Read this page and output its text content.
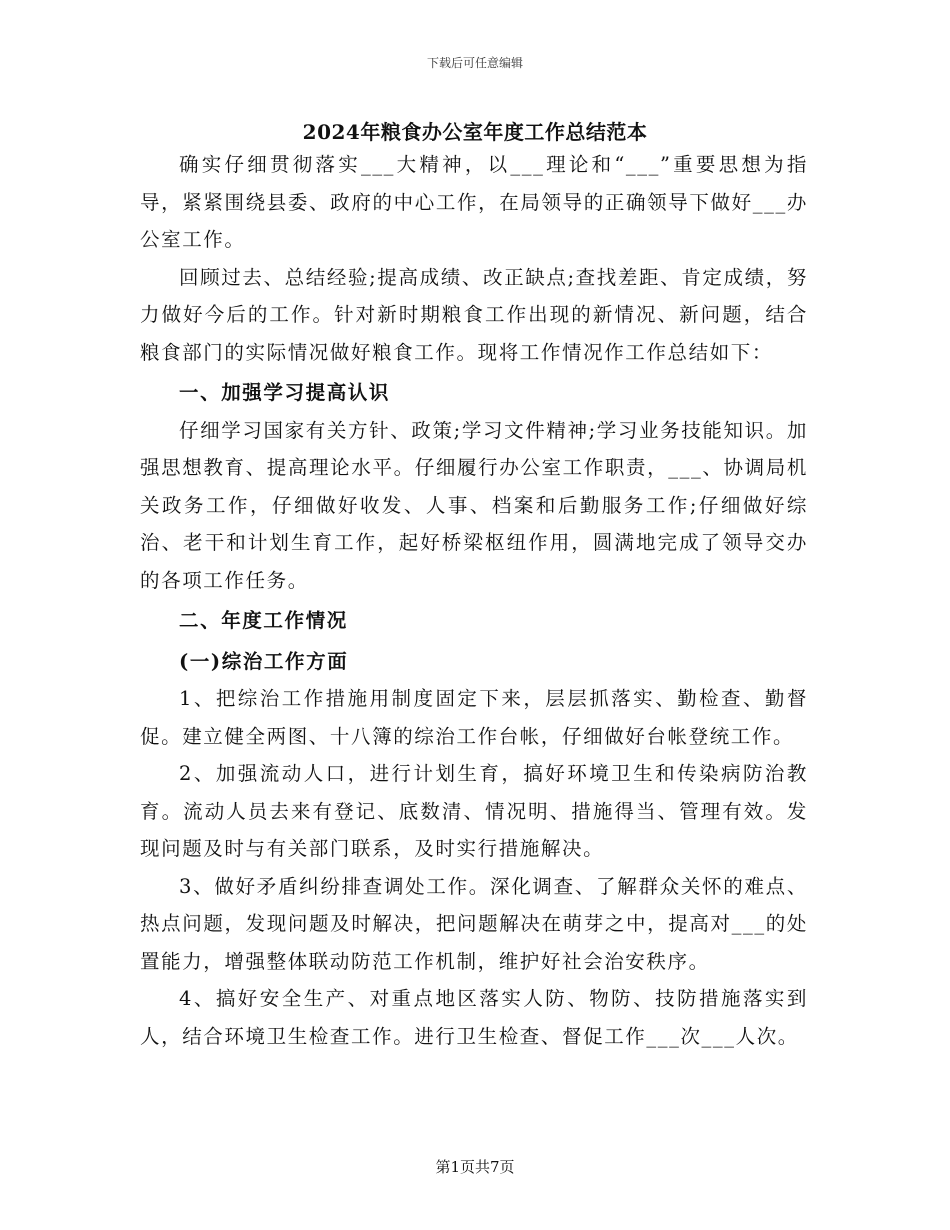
下载后可任意编辑
2024年粮食办公室年度工作总结范本

确实仔细贯彻落实___大精神，以___理论和“___”重要思想为指导，紧紧围绕县委、政府的中心工作，在局领导的正确领导下做好___办公室工作。

回顾过去、总结经验;提高成绩、改正缺点;查找差距、肯定成绩，努力做好今后的工作。针对新时期粮食工作出现的新情况、新问题，结合粮食部门的实际情况做好粮食工作。现将工作情况作工作总结如下：

一、加强学习提高认识

仔细学习国家有关方针、政策;学习文件精神;学习业务技能知识。加强思想教育、提高理论水平。仔细履行办公室工作职责，___、协调局机关政务工作，仔细做好收发、人事、档案和后勤服务工作;仔细做好综治、老干和计划生育工作，起好桥梁枢纽作用，圆满地完成了领导交办的各项工作任务。

二、年度工作情况

(一)综治工作方面

1、把综治工作措施用制度固定下来，层层抓落实、勤检查、勤督促。建立健全两图、十八簿的综治工作台帐，仔细做好台帐登统工作。

2、加强流动人口，进行计划生育，搞好环境卫生和传染病防治教育。流动人员去来有登记、底数清、情况明、措施得当、管理有效。发现问题及时与有关部门联系，及时实行措施解决。

3、做好矛盾纠纷排查调处工作。深化调查、了解群众关怀的难点、热点问题，发现问题及时解决，把问题解决在萌芽之中，提高对___的处置能力，增强整体联动防范工作机制，维护好社会治安秩序。

4、搞好安全生产、对重点地区落实人防、物防、技防措施落实到人，结合环境卫生检查工作。进行卫生检查、督促工作___次___人次。

第1页共7页
